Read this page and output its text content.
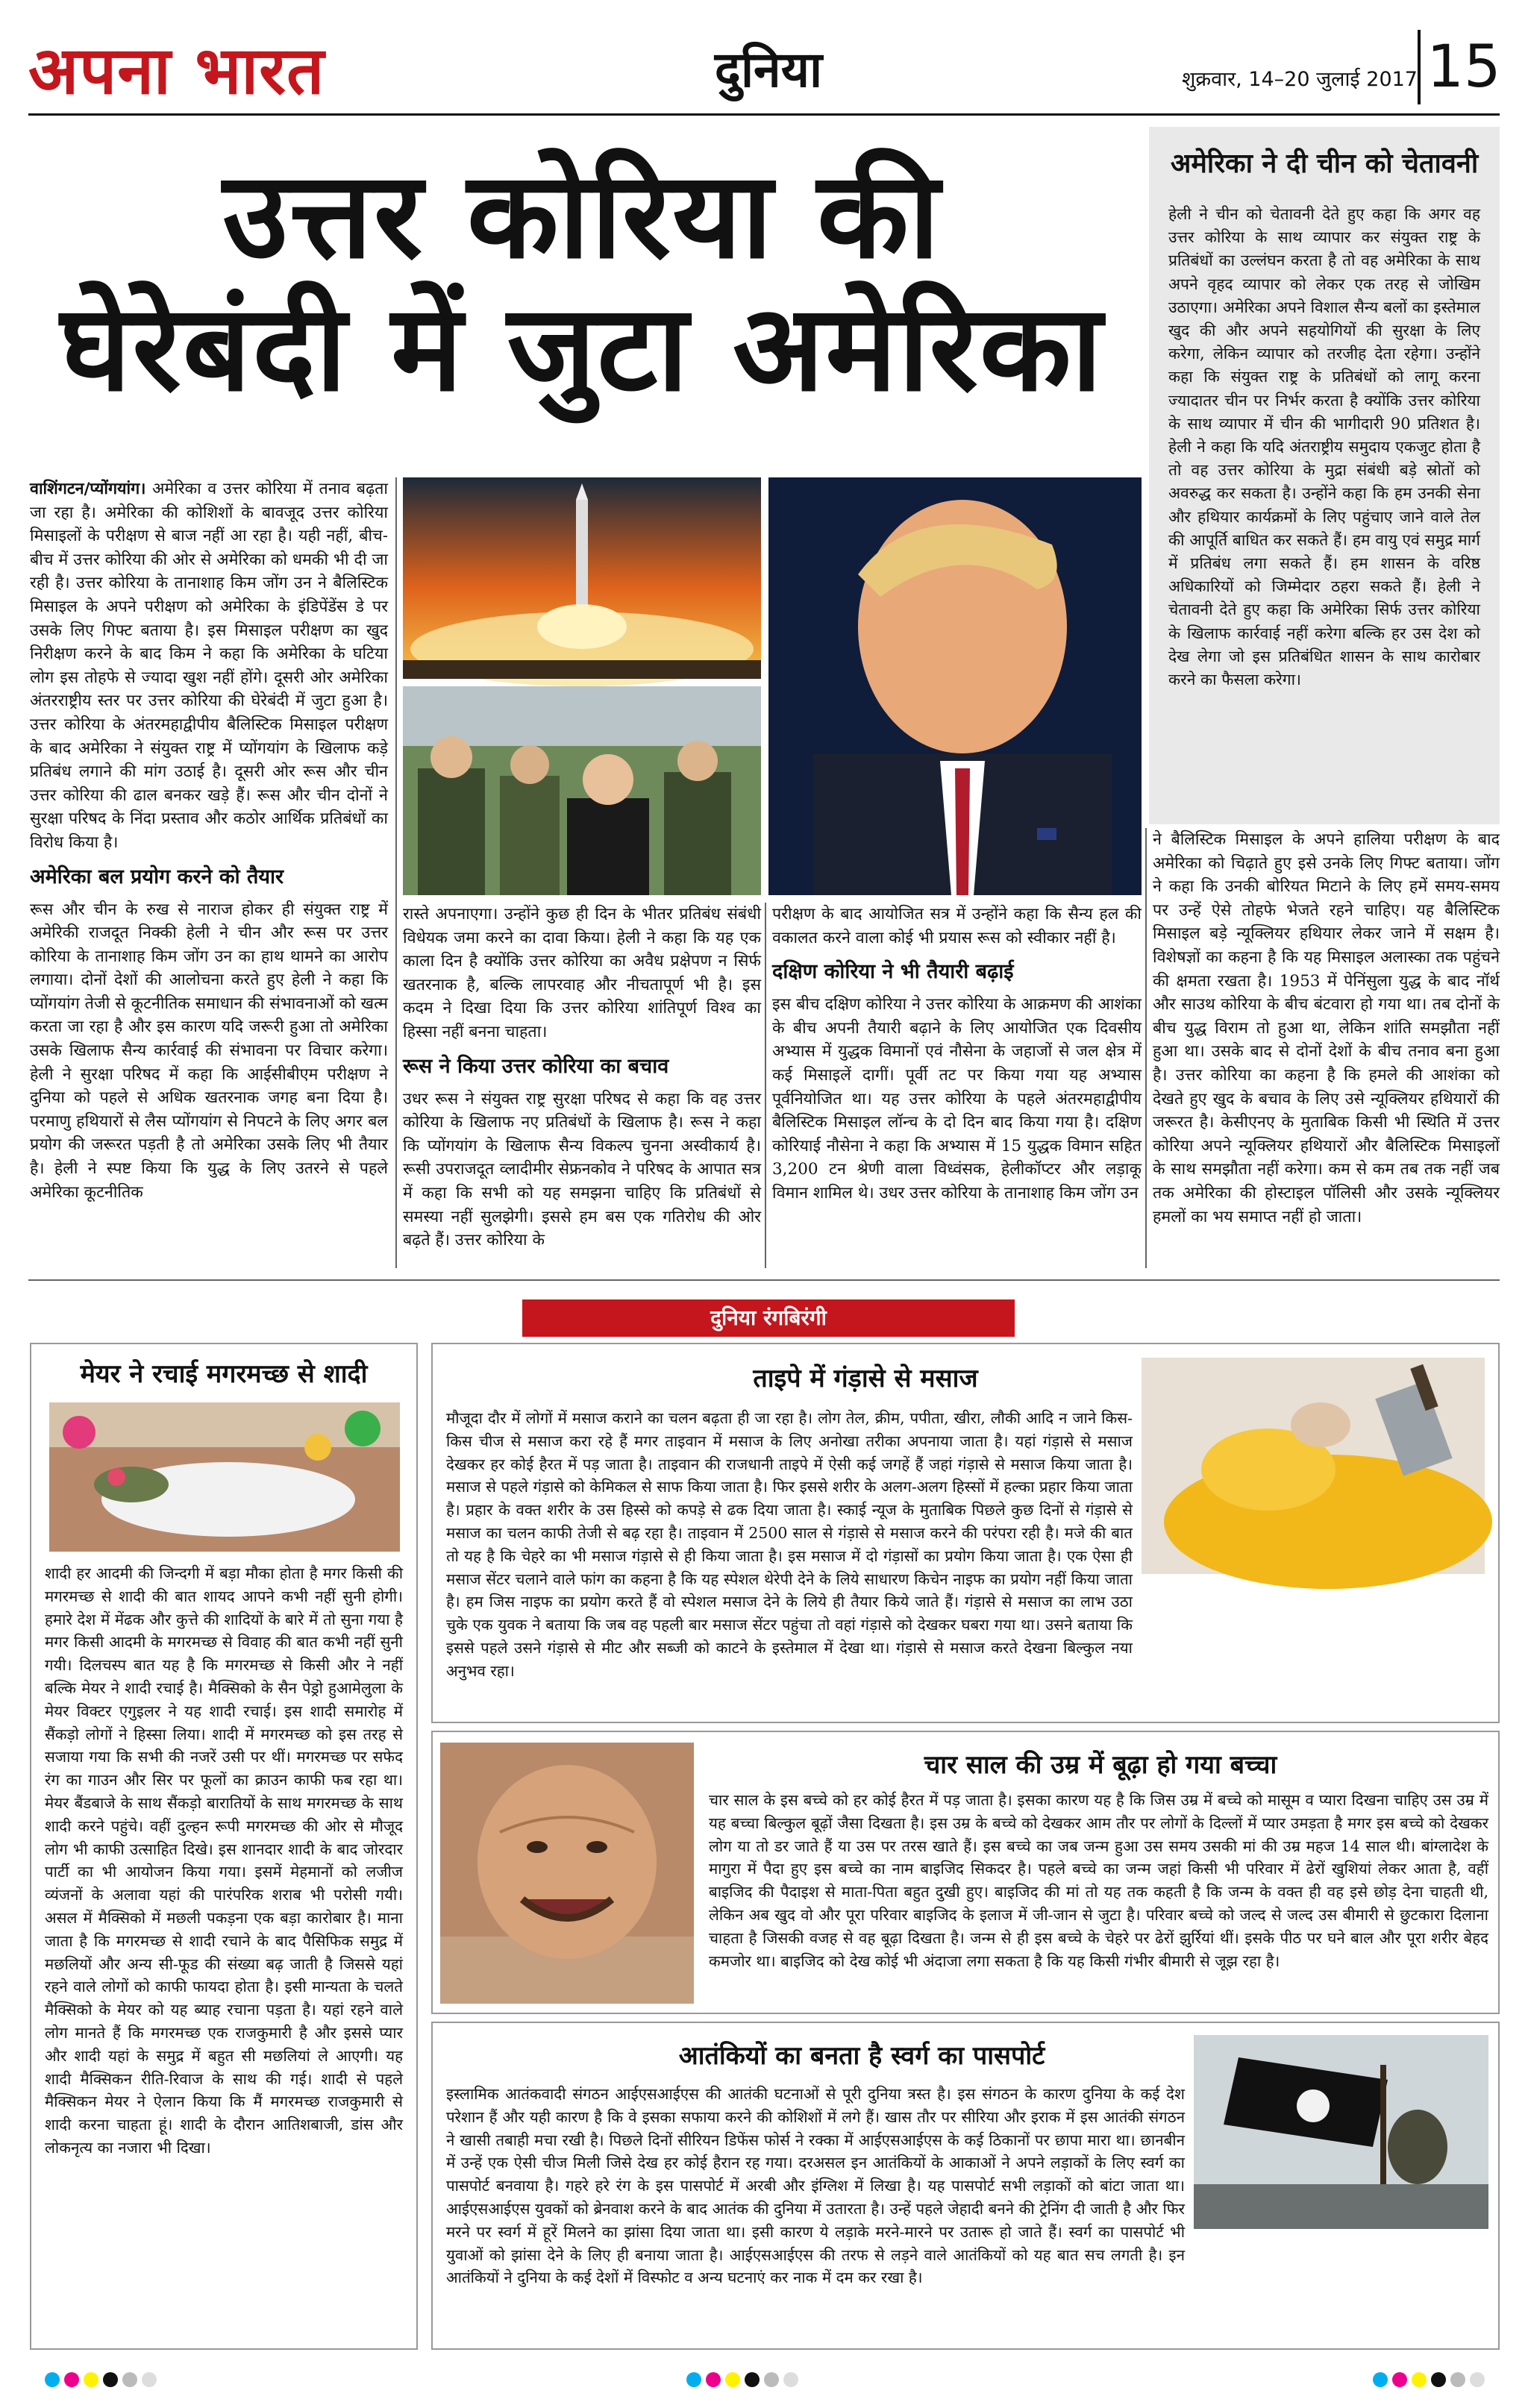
अपना भारत	दुनिया	शुक्रवार, 14–20 जुलाई 2017 15
उत्तर कोरिया की
घेरेबंदी में जुटा अमेरिका
अमेरिका ने दी चीन को चेतावनी
हेली ने चीन को चेतावनी देते हुए कहा कि अगर वह उत्तर कोरिया के साथ व्यापार कर संयुक्त राष्ट्र के प्रतिबंधों का उल्लंघन करता है तो वह अमेरिका के साथ अपने वृहद व्यापार को लेकर एक तरह से जोखिम उठाएगा। अमेरिका अपने विशाल सैन्य बलों का इस्तेमाल खुद की और अपने सहयोगियों की सुरक्षा के लिए करेगा, लेकिन व्यापार को तरजीह देता रहेगा। उन्होंने कहा कि संयुक्त राष्ट्र के प्रतिबंधों को लागू करना ज्यादातर चीन पर निर्भर करता है क्योंकि उत्तर कोरिया के साथ व्यापार में चीन की भागीदारी 90 प्रतिशत है। हेली ने कहा कि यदि अंतराष्ट्रीय समुदाय एकजुट होता है तो वह उत्तर कोरिया के मुद्रा संबंधी बड़े स्रोतों को अवरुद्ध कर सकता है। उन्होंने कहा कि हम उनकी सेना और हथियार कार्यक्रमों के लिए पहुंचाए जाने वाले तेल की आपूर्ति बाधित कर सकते हैं। हम वायु एवं समुद्र मार्ग में प्रतिबंध लगा सकते हैं। हम शासन के वरिष्ठ अधिकारियों को जिम्मेदार ठहरा सकते हैं। हेली ने चेतावनी देते हुए कहा कि अमेरिका सिर्फ उत्तर कोरिया के खिलाफ कार्रवाई नहीं करेगा बल्कि हर उस देश को देख लेगा जो इस प्रतिबंधित शासन के साथ कारोबार करने का फैसला करेगा।
वाशिंगटन/प्योंगयांग। अमेरिका व उत्तर कोरिया में तनाव बढ़ता जा रहा है। अमेरिका की कोशिशों के बावजूद उत्तर कोरिया मिसाइलों के परीक्षण से बाज नहीं आ रहा है। यही नहीं, बीच-बीच में उत्तर कोरिया की ओर से अमेरिका को धमकी भी दी जा रही है। उत्तर कोरिया के तानाशाह किम जोंग उन ने बैलिस्टिक मिसाइल के अपने परीक्षण को अमेरिका के इंडिपेंडेंस डे पर उसके लिए गिफ्ट बताया है। इस मिसाइल परीक्षण का खुद निरीक्षण करने के बाद किम ने कहा कि अमेरिका के घटिया लोग इस तोहफे से ज्यादा खुश नहीं होंगे। दूसरी ओर अमेरिका अंतरराष्ट्रीय स्तर पर उत्तर कोरिया की घेरेबंदी में जुटा हुआ है। उत्तर कोरिया के अंतरमहाद्वीपीय बैलिस्टिक मिसाइल परीक्षण के बाद अमेरिका ने संयुक्त राष्ट्र में प्योंगयांग के खिलाफ कड़े प्रतिबंध लगाने की मांग उठाई है। दूसरी ओर रूस और चीन उत्तर कोरिया की ढाल बनकर खड़े हैं। रूस और चीन दोनों ने सुरक्षा परिषद के निंदा प्रस्ताव और कठोर आर्थिक प्रतिबंधों का विरोध किया है।
अमेरिका बल प्रयोग करने को तैयार
रूस और चीन के रुख से नाराज होकर ही संयुक्त राष्ट्र में अमेरिकी राजदूत निक्की हेली ने चीन और रूस पर उत्तर कोरिया के तानाशाह किम जोंग उन का हाथ थामने का आरोप लगाया। दोनों देशों की आलोचना करते हुए हेली ने कहा कि प्योंगयांग तेजी से कूटनीतिक समाधान की संभावनाओं को खत्म करता जा रहा है और इस कारण यदि जरूरी हुआ तो अमेरिका उसके खिलाफ सैन्य कार्रवाई की संभावना पर विचार करेगा। हेली ने सुरक्षा परिषद में कहा कि आईसीबीएम परीक्षण ने दुनिया को पहले से अधिक खतरनाक जगह बना दिया है। परमाणु हथियारों से लैस प्योंगयांग से निपटने के लिए अगर बल प्रयोग की जरूरत पड़ती है तो अमेरिका उसके लिए भी तैयार है। हेली ने स्पष्ट किया कि युद्ध के लिए उतरने से पहले अमेरिका कूटनीतिक
रास्ते अपनाएगा। उन्होंने कुछ ही दिन के भीतर प्रतिबंध संबंधी विधेयक जमा करने का दावा किया। हेली ने कहा कि यह एक काला दिन है क्योंकि उत्तर कोरिया का अवैध प्रक्षेपण न सिर्फ खतरनाक है, बल्कि लापरवाह और नीचतापूर्ण भी है। इस कदम ने दिखा दिया कि उत्तर कोरिया शांतिपूर्ण विश्व का हिस्सा नहीं बनना चाहता।
रूस ने किया उत्तर कोरिया का बचाव
उधर रूस ने संयुक्त राष्ट्र सुरक्षा परिषद से कहा कि वह उत्तर कोरिया के खिलाफ नए प्रतिबंधों के खिलाफ है। रूस ने कहा कि प्योंगयांग के खिलाफ सैन्य विकल्प चुनना अस्वीकार्य है। रूसी उपराजदूत व्लादीमीर सेफ्रनकोव ने परिषद के आपात सत्र में कहा कि सभी को यह समझना चाहिए कि प्रतिबंधों से समस्या नहीं सुलझेगी। इससे हम बस एक गतिरोध की ओर बढ़ते हैं। उत्तर कोरिया के
परीक्षण के बाद आयोजित सत्र में उन्होंने कहा कि सैन्य हल की वकालत करने वाला कोई भी प्रयास रूस को स्वीकार नहीं है।
दक्षिण कोरिया ने भी तैयारी बढ़ाई
इस बीच दक्षिण कोरिया ने उत्तर कोरिया के आक्रमण की आशंका के बीच अपनी तैयारी बढ़ाने के लिए आयोजित एक दिवसीय अभ्यास में युद्धक विमानों एवं नौसेना के जहाजों से जल क्षेत्र में कई मिसाइलें दागीं। पूर्वी तट पर किया गया यह अभ्यास पूर्वनियोजित था। यह उत्तर कोरिया के पहले अंतरमहाद्वीपीय बैलिस्टिक मिसाइल लॉन्च के दो दिन बाद किया गया है। दक्षिण कोरियाई नौसेना ने कहा कि अभ्यास में 15 युद्धक विमान सहित 3,200 टन श्रेणी वाला विध्वंसक, हेलीकॉप्टर और लड़ाकू विमान शामिल थे। उधर उत्तर कोरिया के तानाशाह किम जोंग उन
ने बैलिस्टिक मिसाइल के अपने हालिया परीक्षण के बाद अमेरिका को चिढ़ाते हुए इसे उनके लिए गिफ्ट बताया। जोंग ने कहा कि उनकी बोरियत मिटाने के लिए हमें समय-समय पर उन्हें ऐसे तोहफे भेजते रहने चाहिए। यह बैलिस्टिक मिसाइल बड़े न्यूक्लियर हथियार लेकर जाने में सक्षम है। विशेषज्ञों का कहना है कि यह मिसाइल अलास्का तक पहुंचने की क्षमता रखता है। 1953 में पेनिंसुला युद्ध के बाद नॉर्थ और साउथ कोरिया के बीच बंटवारा हो गया था। तब दोनों के बीच युद्ध विराम तो हुआ था, लेकिन शांति समझौता नहीं हुआ था। उसके बाद से दोनों देशों के बीच तनाव बना हुआ है। उत्तर कोरिया का कहना है कि हमले की आशंका को देखते हुए खुद के बचाव के लिए उसे न्यूक्लियर हथियारों की जरूरत है। केसीएनए के मुताबिक किसी भी स्थिति में उत्तर कोरिया अपने न्यूक्लियर हथियारों और बैलिस्टिक मिसाइलों के साथ समझौता नहीं करेगा। कम से कम तब तक नहीं जब तक अमेरिका की होस्टाइल पॉलिसी और उसके न्यूक्लियर हमलों का भय समाप्त नहीं हो जाता।
दुनिया रंगबिरंगी
मेयर ने रचाई मगरमच्छ से शादी
शादी हर आदमी की जिन्दगी में बड़ा मौका होता है मगर किसी की मगरमच्छ से शादी की बात शायद आपने कभी नहीं सुनी होगी। हमारे देश में मेंढक और कुत्ते की शादियों के बारे में तो सुना गया है मगर किसी आदमी के मगरमच्छ से विवाह की बात कभी नहीं सुनी गयी। दिलचस्प बात यह है कि मगरमच्छ से किसी और ने नहीं बल्कि मेयर ने शादी रचाई है। मैक्सिको के सैन पेड्रो हुआमेलुला के मेयर विक्टर एगुइलर ने यह शादी रचाई। इस शादी समारोह में सैंकड़ो लोगों ने हिस्सा लिया। शादी में मगरमच्छ को इस तरह से सजाया गया कि सभी की नजरें उसी पर थीं। मगरमच्छ पर सफेद रंग का गाउन और सिर पर फूलों का क्राउन काफी फब रहा था। मेयर बैंडबाजे के साथ सैंकड़ो बारातियों के साथ मगरमच्छ के साथ शादी करने पहुंचे। वहीं दुल्हन रूपी मगरमच्छ की ओर से मौजूद लोग भी काफी उत्साहित दिखे। इस शानदार शादी के बाद जोरदार पार्टी का भी आयोजन किया गया। इसमें मेहमानों को लजीज व्यंजनों के अलावा यहां की पारंपरिक शराब भी परोसी गयी। असल में मैक्सिको में मछली पकड़ना एक बड़ा कारोबार है। माना जाता है कि मगरमच्छ से शादी रचाने के बाद पैसिफिक समुद्र में मछलियों और अन्य सी-फूड की संख्या बढ़ जाती है जिससे यहां रहने वाले लोगों को काफी फायदा होता है। इसी मान्यता के चलते मैक्सिको के मेयर को यह ब्याह रचाना पड़ता है। यहां रहने वाले लोग मानते हैं कि मगरमच्छ एक राजकुमारी है और इससे प्यार और शादी यहां के समुद्र में बहुत सी मछलियां ले आएगी। यह शादी मैक्सिकन रीति-रिवाज के साथ की गई। शादी से पहले मैक्सिकन मेयर ने ऐलान किया कि मैं मगरमच्छ राजकुमारी से शादी करना चाहता हूं। शादी के दौरान आतिशबाजी, डांस और लोकनृत्य का नजारा भी दिखा।
ताइपे में गंड़ासे से मसाज
मौजूदा दौर में लोगों में मसाज कराने का चलन बढ़ता ही जा रहा है। लोग तेल, क्रीम, पपीता, खीरा, लौकी आदि न जाने किस-किस चीज से मसाज करा रहे हैं मगर ताइवान में मसाज के लिए अनोखा तरीका अपनाया जाता है। यहां गंड़ासे से मसाज देखकर हर कोई हैरत में पड़ जाता है। ताइवान की राजधानी ताइपे में ऐसी कई जगहें हैं जहां गंड़ासे से मसाज किया जाता है। मसाज से पहले गंड़ासे को केमिकल से साफ किया जाता है। फिर इससे शरीर के अलग-अलग हिस्सों में हल्का प्रहार किया जाता है। प्रहार के वक्त शरीर के उस हिस्से को कपड़े से ढक दिया जाता है। स्काई न्यूज के मुताबिक पिछले कुछ दिनों से गंड़ासे से मसाज का चलन काफी तेजी से बढ़ रहा है। ताइवान में 2500 साल से गंड़ासे से मसाज करने की परंपरा रही है। मजे की बात तो यह है कि चेहरे का भी मसाज गंड़ासे से ही किया जाता है। इस मसाज में दो गंड़ासों का प्रयोग किया जाता है। एक ऐसा ही मसाज सेंटर चलाने वाले फांग का कहना है कि यह स्पेशल थेरेपी देने के लिये साधारण किचेन नाइफ का प्रयोग नहीं किया जाता है। हम जिस नाइफ का प्रयोग करते हैं वो स्पेशल मसाज देने के लिये ही तैयार किये जाते हैं। गंड़ासे से मसाज का लाभ उठा चुके एक युवक ने बताया कि जब वह पहली बार मसाज सेंटर पहुंचा तो वहां गंड़ासे को देखकर घबरा गया था। उसने बताया कि इससे पहले उसने गंड़ासे से मीट और सब्जी को काटने के इस्तेमाल में देखा था। गंड़ासे से मसाज करते देखना बिल्कुल नया अनुभव रहा।
चार साल की उम्र में बूढ़ा हो गया बच्चा
चार साल के इस बच्चे को हर कोई हैरत में पड़ जाता है। इसका कारण यह है कि जिस उम्र में बच्चे को मासूम व प्यारा दिखना चाहिए उस उम्र में यह बच्चा बिल्कुल बूढ़ों जैसा दिखता है। इस उम्र के बच्चे को देखकर आम तौर पर लोगों के दिल्लों में प्यार उमड़ता है मगर इस बच्चे को देखकर लोग या तो डर जाते हैं या उस पर तरस खाते हैं। इस बच्चे का जब जन्म हुआ उस समय उसकी मां की उम्र महज 14 साल थी। बांग्लादेश के मागुरा में पैदा हुए इस बच्चे का नाम बाइजिद सिकदर है। पहले बच्चे का जन्म जहां किसी भी परिवार में ढेरों खुशियां लेकर आता है, वहीं बाइजिद की पैदाइश से माता-पिता बहुत दुखी हुए। बाइजिद की मां तो यह तक कहती है कि जन्म के वक्त ही वह इसे छोड़ देना चाहती थी, लेकिन अब खुद वो और पूरा परिवार बाइजिद के इलाज में जी-जान से जुटा है। परिवार बच्चे को जल्द से जल्द उस बीमारी से छुटकारा दिलाना चाहता है जिसकी वजह से वह बूढ़ा दिखता है। जन्म से ही इस बच्चे के चेहरे पर ढेरों झुर्रियां थीं। इसके पीठ पर घने बाल और पूरा शरीर बेहद कमजोर था। बाइजिद को देख कोई भी अंदाजा लगा सकता है कि यह किसी गंभीर बीमारी से जूझ रहा है।
आतंकियों का बनता है स्वर्ग का पासपोर्ट
इस्लामिक आतंकवादी संगठन आईएसआईएस की आतंकी घटनाओं से पूरी दुनिया त्रस्त है। इस संगठन के कारण दुनिया के कई देश परेशान हैं और यही कारण है कि वे इसका सफाया करने की कोशिशों में लगे हैं। खास तौर पर सीरिया और इराक में इस आतंकी संगठन ने खासी तबाही मचा रखी है। पिछले दिनों सीरियन डिफेंस फोर्स ने रक्का में आईएसआईएस के कई ठिकानों पर छापा मारा था। छानबीन में उन्हें एक ऐसी चीज मिली जिसे देख हर कोई हैरान रह गया। दरअसल इन आतंकियों के आकाओं ने अपने लड़ाकों के लिए स्वर्ग का पासपोर्ट बनवाया है। गहरे हरे रंग के इस पासपोर्ट में अरबी और इंग्लिश में लिखा है। यह पासपोर्ट सभी लड़ाकों को बांटा जाता था। आईएसआईएस युवकों को ब्रेनवाश करने के बाद आतंक की दुनिया में उतारता है। उन्हें पहले जेहादी बनने की ट्रेनिंग दी जाती है और फिर मरने पर स्वर्ग में हूरें मिलने का झांसा दिया जाता था। इसी कारण ये लड़ाके मरने-मारने पर उतारू हो जाते हैं। स्वर्ग का पासपोर्ट भी युवाओं को झांसा देने के लिए ही बनाया जाता है। आईएसआईएस की तरफ से लड़ने वाले आतंकियों को यह बात सच लगती है। इन आतंकियों ने दुनिया के कई देशों में विस्फोट व अन्य घटनाएं कर नाक में दम कर रखा है।
